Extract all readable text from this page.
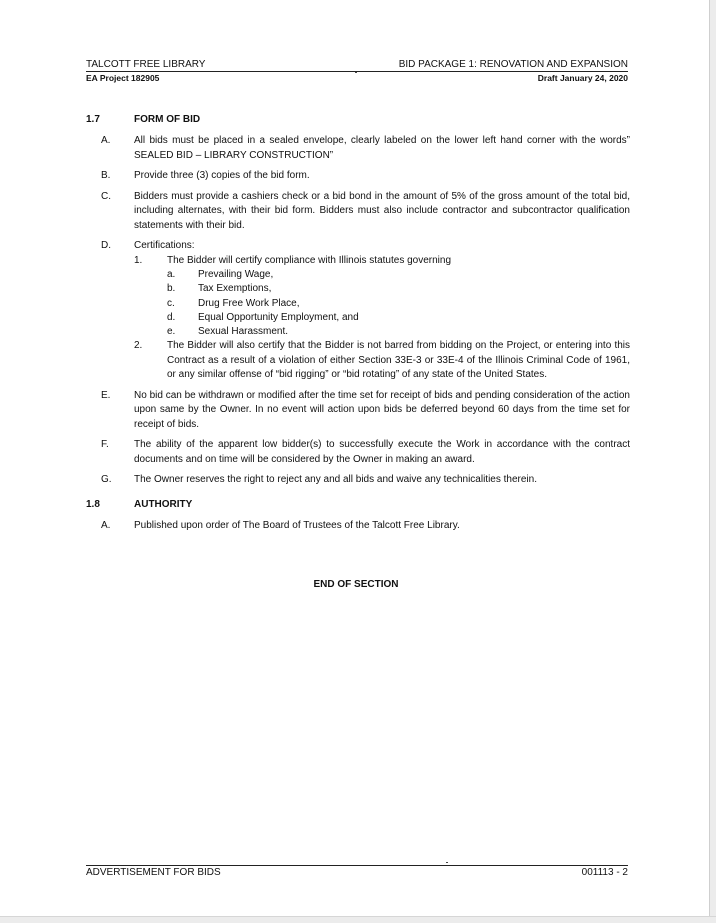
TALCOTT FREE LIBRARY	BID PACKAGE 1: RENOVATION AND EXPANSION
EA Project 182905	Draft January 24, 2020
1.7	FORM OF BID
A. All bids must be placed in a sealed envelope, clearly labeled on the lower left hand corner with the words” SEALED BID – LIBRARY CONSTRUCTION”
B. Provide three (3) copies of the bid form.
C. Bidders must provide a cashiers check or a bid bond in the amount of 5% of the gross amount of the total bid, including alternates, with their bid form. Bidders must also include contractor and subcontractor qualification statements with their bid.
D. Certifications:
1. The Bidder will certify compliance with Illinois statutes governing
a. Prevailing Wage,
b. Tax Exemptions,
c. Drug Free Work Place,
d. Equal Opportunity Employment, and
e. Sexual Harassment.
2. The Bidder will also certify that the Bidder is not barred from bidding on the Project, or entering into this Contract as a result of a violation of either Section 33E-3 or 33E-4 of the Illinois Criminal Code of 1961, or any similar offense of “bid rigging” or “bid rotating” of any state of the United States.
E. No bid can be withdrawn or modified after the time set for receipt of bids and pending consideration of the action upon same by the Owner. In no event will action upon bids be deferred beyond 60 days from the time set for receipt of bids.
F.	The ability of the apparent low bidder(s) to successfully execute the Work in accordance with the contract documents and on time will be considered by the Owner in making an award.
G. The Owner reserves the right to reject any and all bids and waive any technicalities therein.
1.8	AUTHORITY
A. Published upon order of The Board of Trustees of the Talcott Free Library.
END OF SECTION
ADVERTISEMENT FOR BIDS	001113 - 2
